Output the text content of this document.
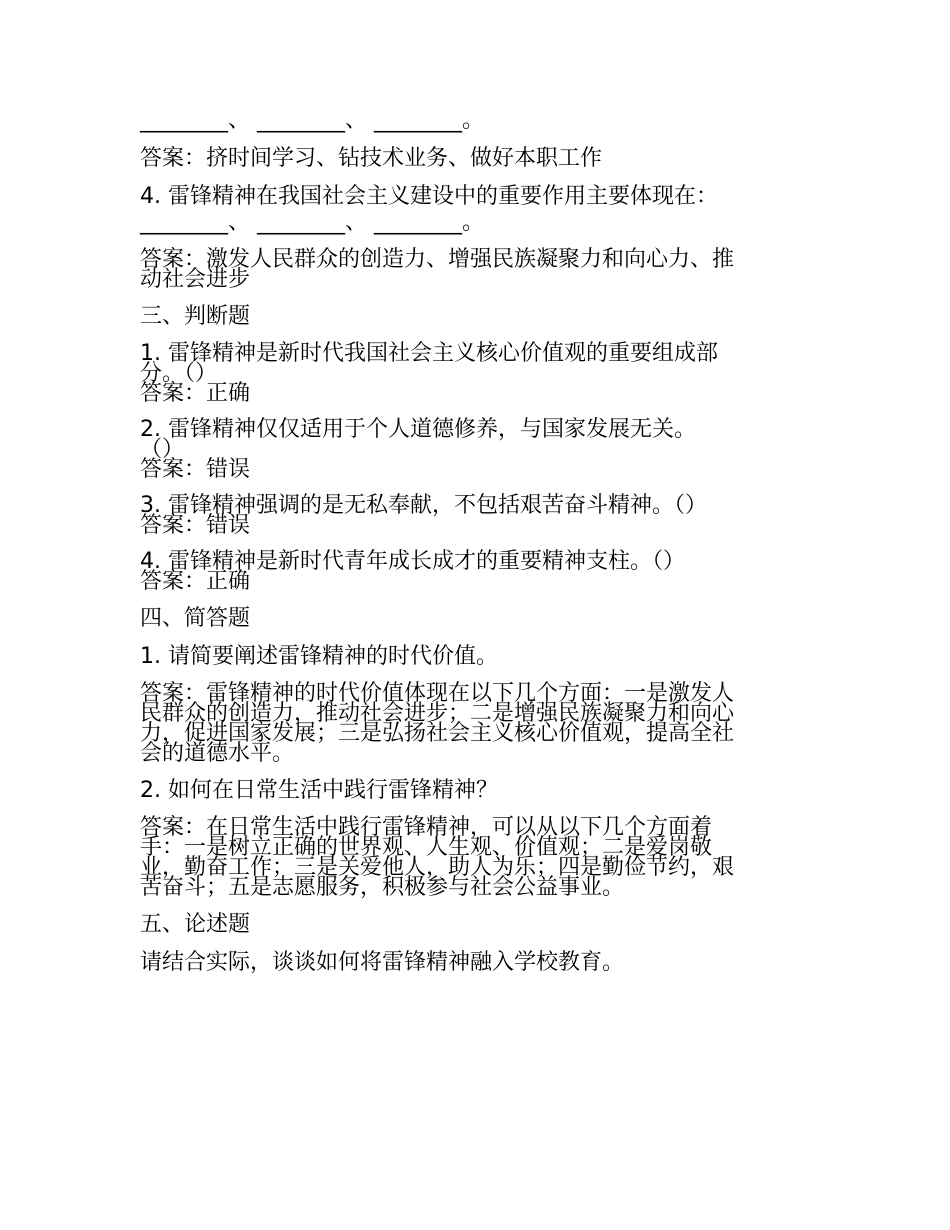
________、 ________、 ________。

答案：挤时间学习、钻技术业务、做好本职工作

4. 雷锋精神在我国社会主义建设中的重要作用主要体现在：

________、 ________、 ________。

答案：激发人民群众的创造力、增强民族凝聚力和向心力、推

动社会进步

三、判断题

1. 雷锋精神是新时代我国社会主义核心价值观的重要组成部

分。（）

答案：正确

2. 雷锋精神仅仅适用于个人道德修养，与国家发展无关。

（）

答案：错误

3. 雷锋精神强调的是无私奉献，不包括艰苦奋斗精神。（）

答案：错误

4. 雷锋精神是新时代青年成长成才的重要精神支柱。（）

答案：正确

四、简答题

1. 请简要阐述雷锋精神的时代价值。

答案：雷锋精神的时代价值体现在以下几个方面：一是激发人

民群众的创造力，推动社会进步；二是增强民族凝聚力和向心

力，促进国家发展；三是弘扬社会主义核心价值观，提高全社

会的道德水平。

2. 如何在日常生活中践行雷锋精神？

答案：在日常生活中践行雷锋精神，可以从以下几个方面着

手：一是树立正确的世界观、人生观、价值观；二是爱岗敬

业，勤奋工作；三是关爱他人，助人为乐；四是勤俭节约，艰

苦奋斗；五是志愿服务，积极参与社会公益事业。

五、论述题

请结合实际，谈谈如何将雷锋精神融入学校教育。
